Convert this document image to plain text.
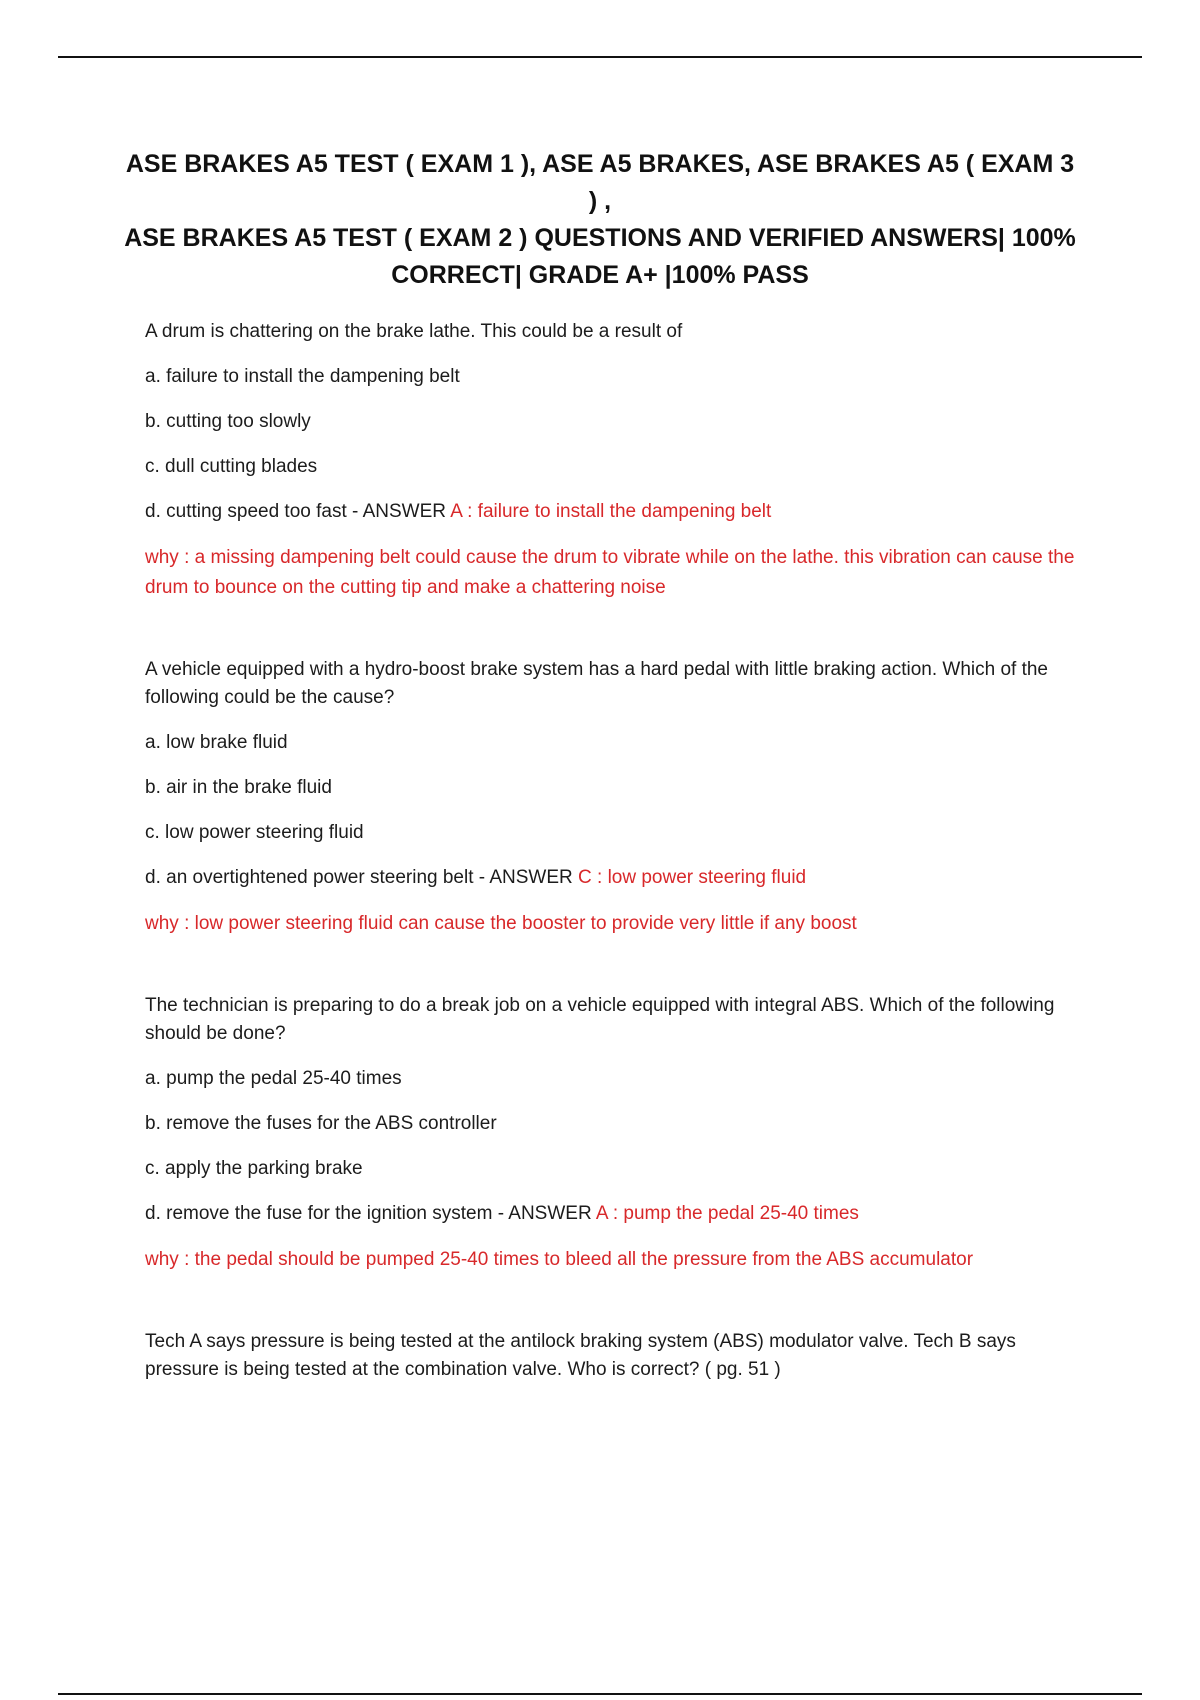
ASE BRAKES A5 TEST ( EXAM 1 ), ASE A5 BRAKES, ASE BRAKES A5 ( EXAM 3 ) ,
ASE BRAKES A5 TEST ( EXAM 2 ) QUESTIONS AND VERIFIED ANSWERS| 100%
CORRECT| GRADE A+ |100% PASS

A drum is chattering on the brake lathe. This could be a result of

a. failure to install the dampening belt

b. cutting too slowly

c. dull cutting blades

d. cutting speed too fast - ANSWER A : failure to install the dampening belt

why : a missing dampening belt could cause the drum to vibrate while on the lathe. this vibration can cause the drum to bounce on the cutting tip and make a chattering noise

A vehicle equipped with a hydro-boost brake system has a hard pedal with little braking action. Which of the following could be the cause?

a. low brake fluid

b. air in the brake fluid

c. low power steering fluid

d. an overtightened power steering belt - ANSWER C : low power steering fluid

why : low power steering fluid can cause the booster to provide very little if any boost

The technician is preparing to do a break job on a vehicle equipped with integral ABS. Which of the following should be done?

a. pump the pedal 25-40 times

b. remove the fuses for the ABS controller

c. apply the parking brake

d. remove the fuse for the ignition system - ANSWER A : pump the pedal 25-40 times

why : the pedal should be pumped 25-40 times to bleed all the pressure from the ABS accumulator

Tech A says pressure is being tested at the antilock braking system (ABS) modulator valve. Tech B says pressure is being tested at the combination valve. Who is correct? ( pg. 51 )
